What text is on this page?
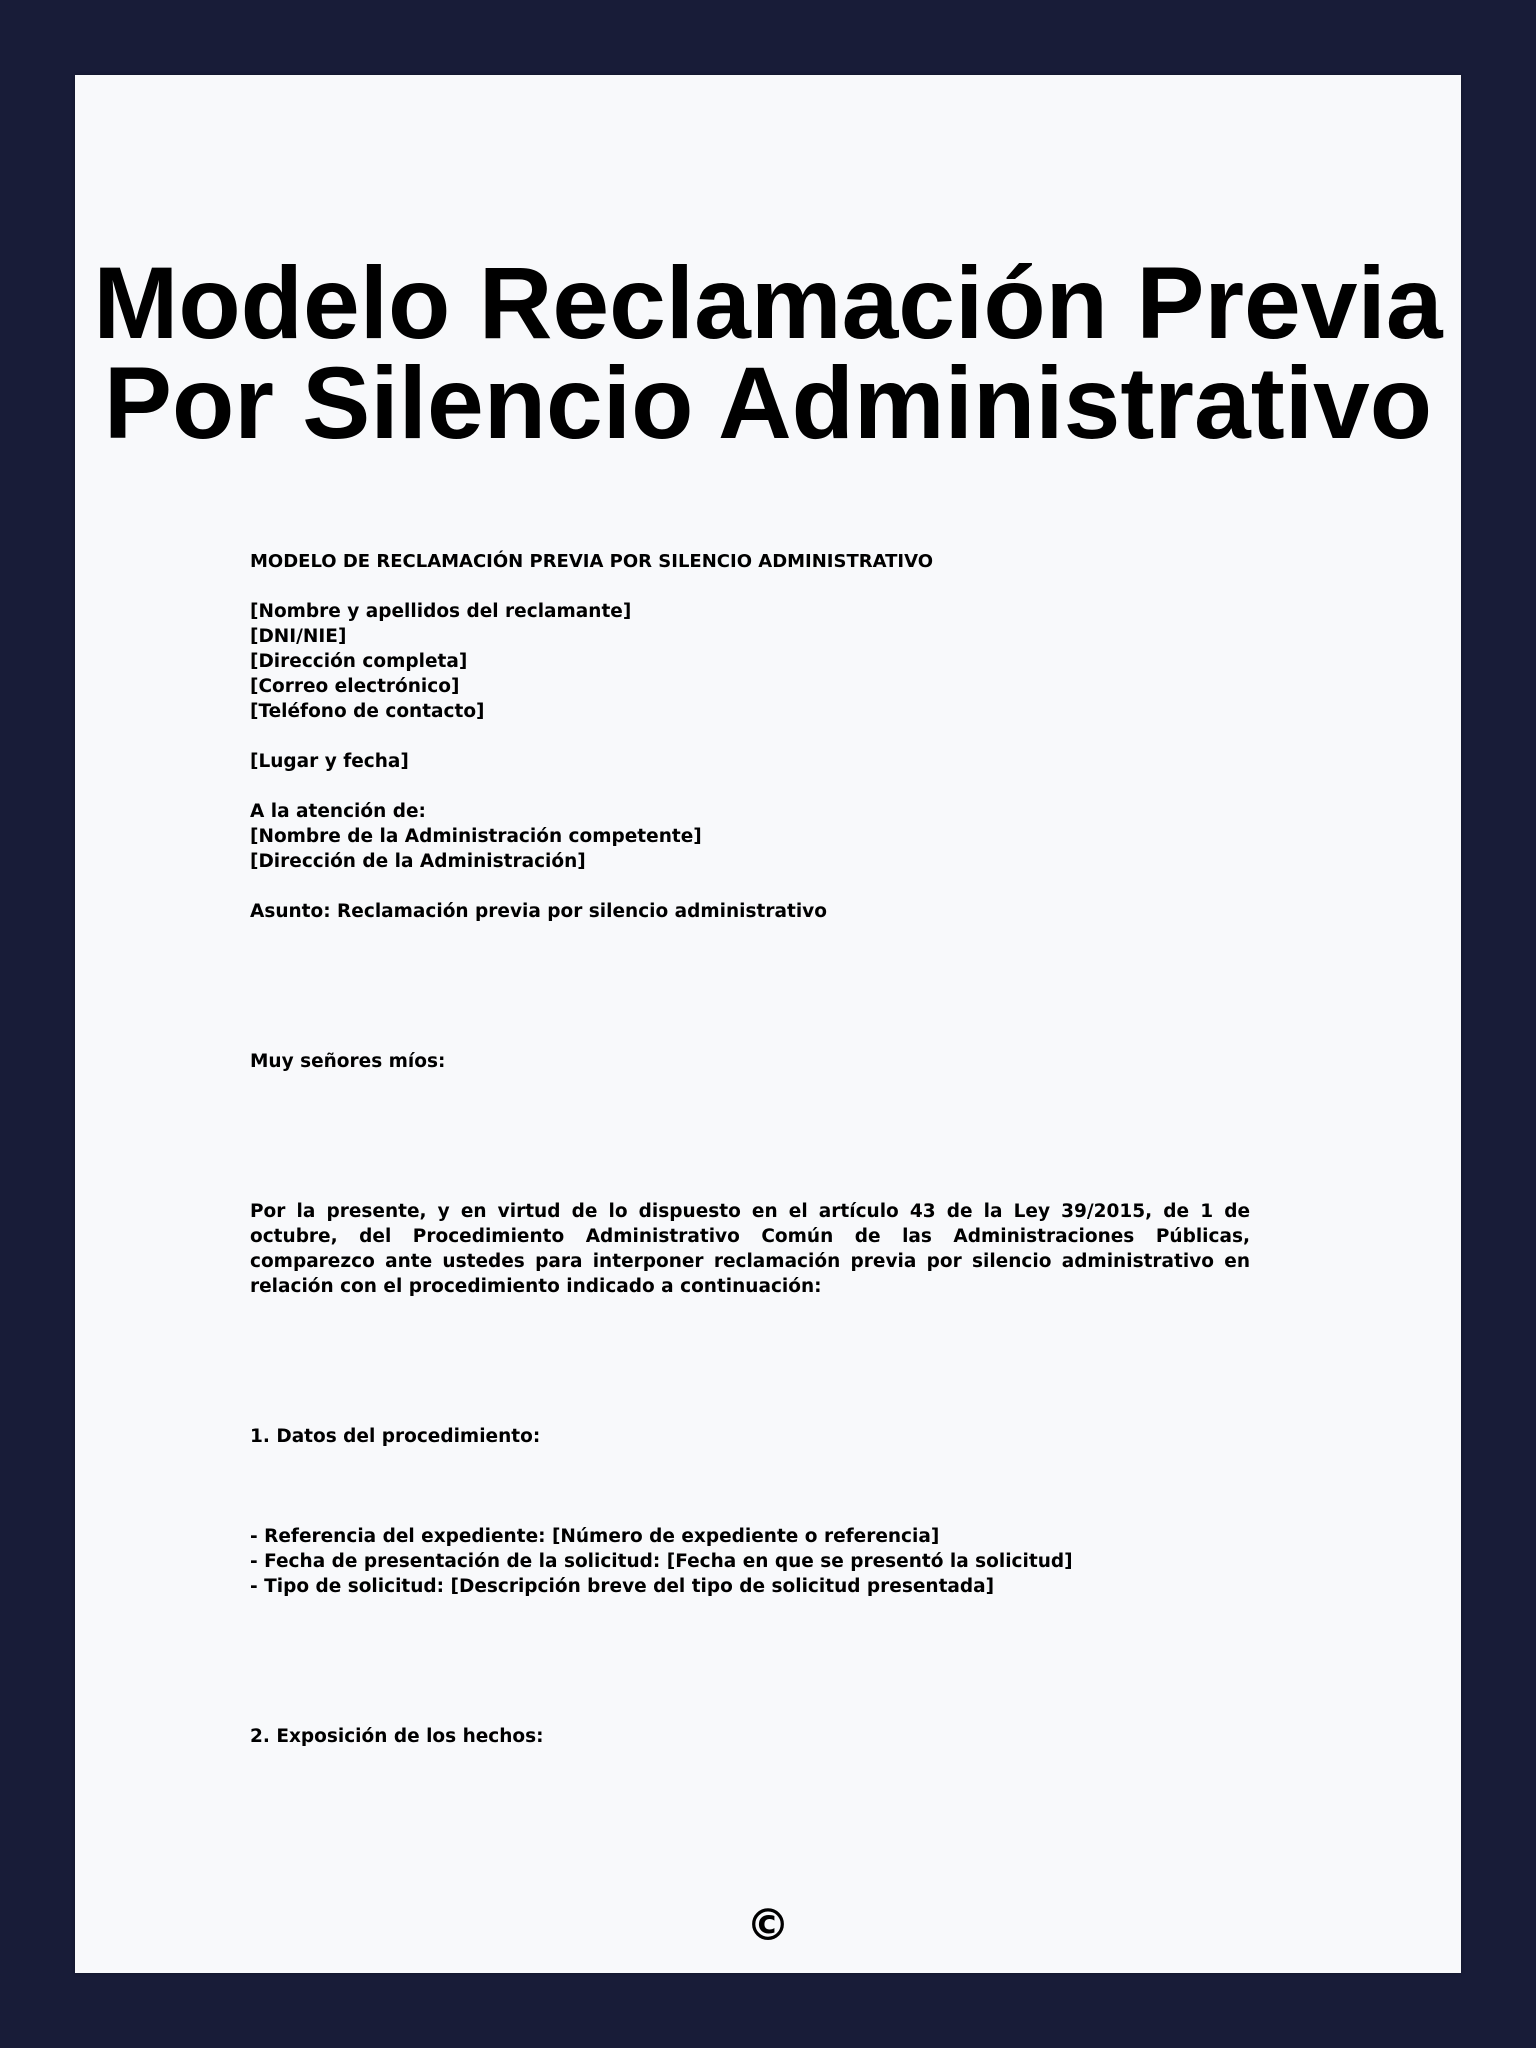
Modelo Reclamación Previa
Por Silencio Administrativo
MODELO DE RECLAMACIÓN PREVIA POR SILENCIO ADMINISTRATIVO
[Nombre y apellidos del reclamante]
[DNI/NIE]
[Dirección completa]
[Correo electrónico]
[Teléfono de contacto]
[Lugar y fecha]
A la atención de:
[Nombre de la Administración competente]
[Dirección de la Administración]
Asunto: Reclamación previa por silencio administrativo
Muy señores míos:
Por la presente, y en virtud de lo dispuesto en el artículo 43 de la Ley 39/2015, de 1 de octubre, del Procedimiento Administrativo Común de las Administraciones Públicas, comparezco ante ustedes para interponer reclamación previa por silencio administrativo en relación con el procedimiento indicado a continuación:
1. Datos del procedimiento:
- Referencia del expediente: [Número de expediente o referencia]
- Fecha de presentación de la solicitud: [Fecha en que se presentó la solicitud]
- Tipo de solicitud: [Descripción breve del tipo de solicitud presentada]
2. Exposición de los hechos:
©
